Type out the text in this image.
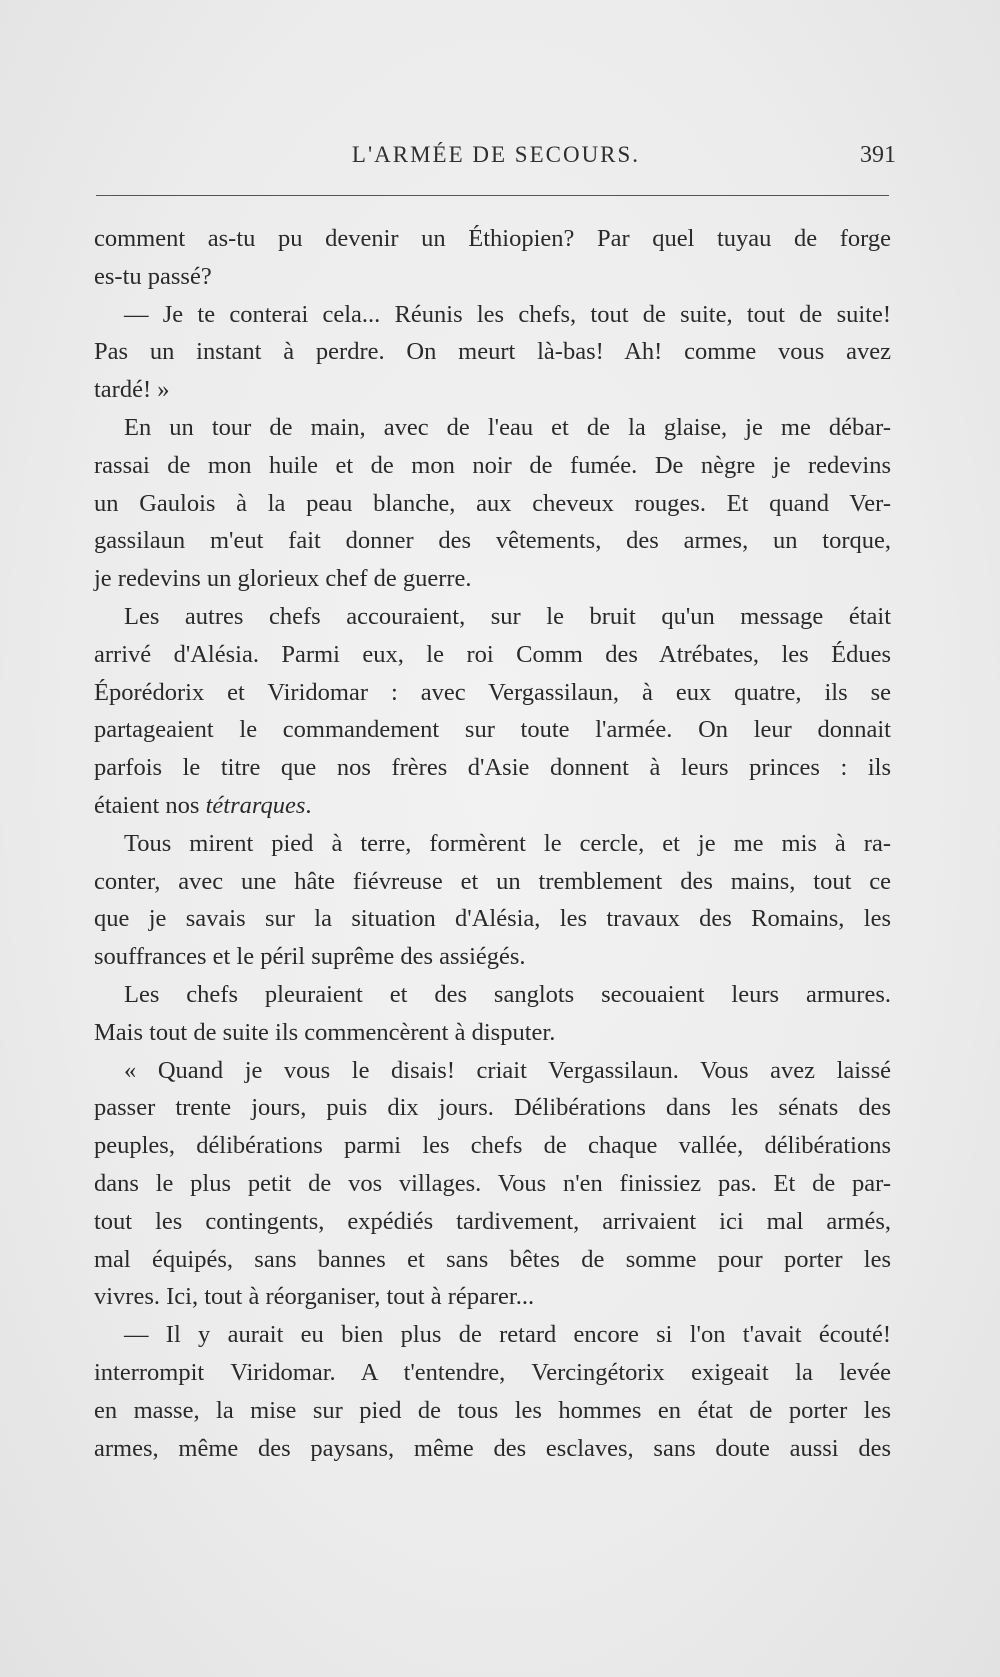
L'ARMÉE DE SECOURS.	391
comment as-tu pu devenir un Éthiopien? Par quel tuyau de forge
es-tu passé?
— Je te conterai cela... Réunis les chefs, tout de suite, tout de suite!
Pas un instant à perdre. On meurt là-bas! Ah! comme vous avez
tardé! »
En un tour de main, avec de l'eau et de la glaise, je me débar-
rassai de mon huile et de mon noir de fumée. De nègre je redevins
un Gaulois à la peau blanche, aux cheveux rouges. Et quand Ver-
gassilaun m'eut fait donner des vêtements, des armes, un torque,
je redevins un glorieux chef de guerre.
Les autres chefs accouraient, sur le bruit qu'un message était
arrivé d'Alésia. Parmi eux, le roi Comm des Atrébates, les Édues
Éporédorix et Viridomar : avec Vergassilaun, à eux quatre, ils se
partageaient le commandement sur toute l'armée. On leur donnait
parfois le titre que nos frères d'Asie donnent à leurs princes : ils
étaient nos tétrarques.
Tous mirent pied à terre, formèrent le cercle, et je me mis à ra-
conter, avec une hâte fiévreuse et un tremblement des mains, tout ce
que je savais sur la situation d'Alésia, les travaux des Romains, les
souffrances et le péril suprême des assiégés.
Les chefs pleuraient et des sanglots secouaient leurs armures.
Mais tout de suite ils commencèrent à disputer.
« Quand je vous le disais! criait Vergassilaun. Vous avez laissé
passer trente jours, puis dix jours. Délibérations dans les sénats des
peuples, délibérations parmi les chefs de chaque vallée, délibérations
dans le plus petit de vos villages. Vous n'en finissiez pas. Et de par-
tout les contingents, expédiés tardivement, arrivaient ici mal armés,
mal équipés, sans bannes et sans bêtes de somme pour porter les
vivres. Ici, tout à réorganiser, tout à réparer...
— Il y aurait eu bien plus de retard encore si l'on t'avait écouté!
interrompit Viridomar. A t'entendre, Vercingétorix exigeait la levée
en masse, la mise sur pied de tous les hommes en état de porter les
armes, même des paysans, même des esclaves, sans doute aussi des
